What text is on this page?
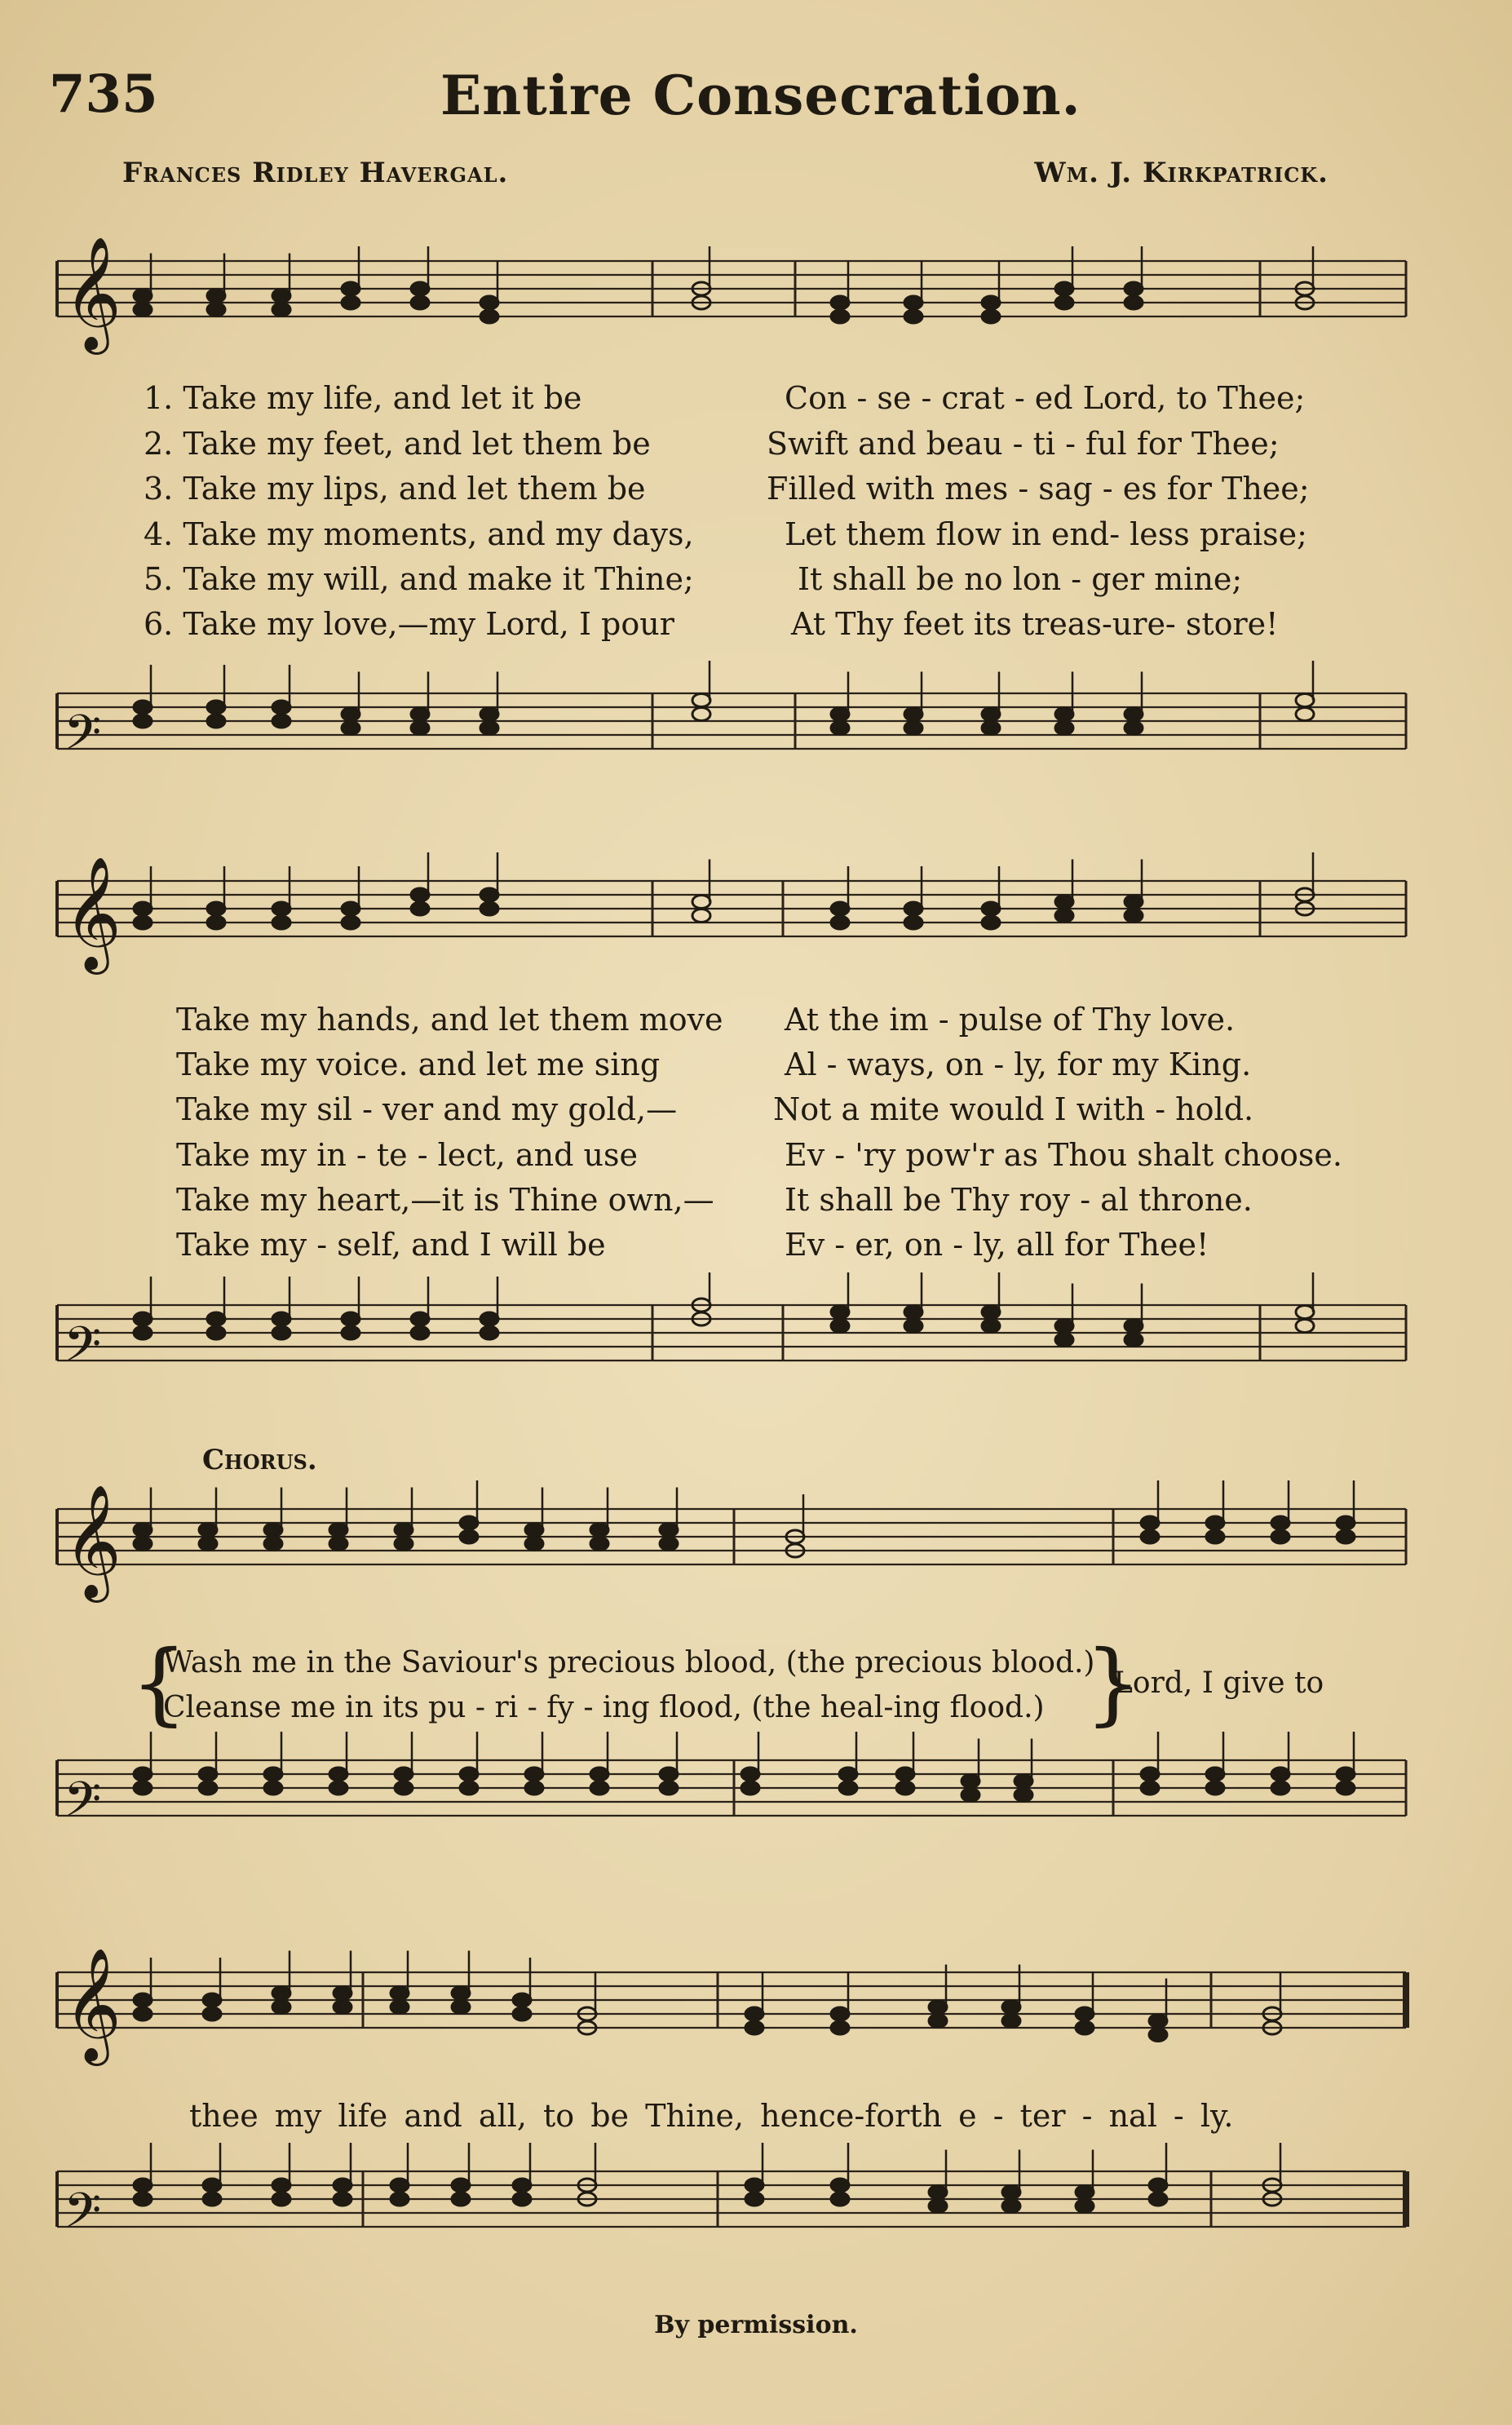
735	Entire Consecration.
Frances Ridley Havergal.	Wm. J. Kirkpatrick.
𝄞
1. Take my life, and let it be	Con - se - crat - ed Lord, to Thee;
2. Take my feet, and let them be	Swift and beau - ti - ful for Thee;
3. Take my lips, and let them be	Filled with mes - sag - es for Thee;
4. Take my moments, and my days,	Let them flow in end- less praise;
5. Take my will, and make it Thine;	It shall be no lon - ger mine;
6. Take my love,—my Lord, I pour	At Thy feet its treas-ure- store!
𝄢
𝄞
Take my hands, and let them move At the im - pulse of Thy love.
Take my voice. and let me sing	Al - ways, on - ly, for my King.
Take my sil - ver and my gold,—	Not a mite would I with - hold.
Take my in - te - lect, and use	Ev - 'ry pow'r as Thou shalt choose.
Take my heart,—it is Thine own,— It shall be Thy roy - al throne.
Take my - self, and I will be	Ev - er, on - ly, all for Thee!
𝄢
Chorus.
𝄞
{
Wash me in the Saviour's precious blood, (the precious blood.)
Cleanse me in its pu - ri - fy - ing flood, (the heal-ing flood.) }
Lord, I give to
𝄢
𝄞
thee my life and all, to be Thine, hence-forth e - ter - nal - ly.
𝄢
By permission.
